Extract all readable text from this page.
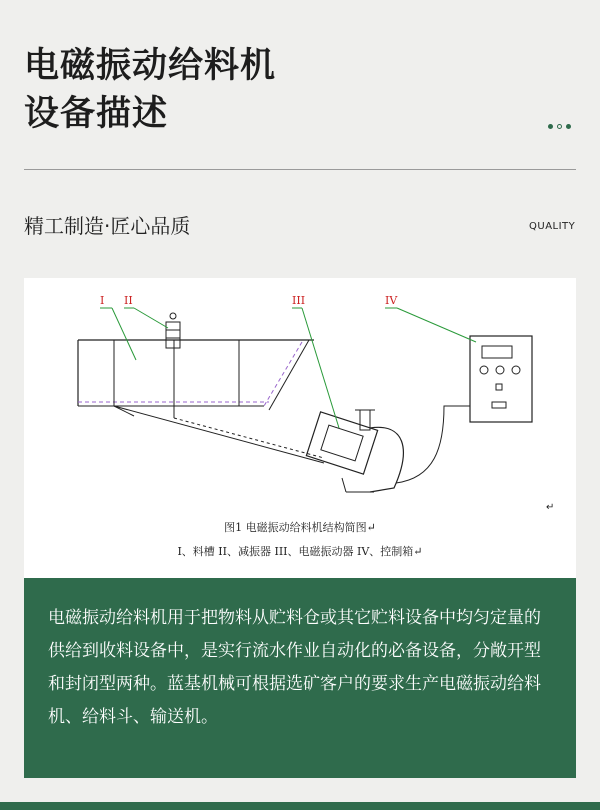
电磁振动给料机
设备描述
精工制造·匠心品质	QUALITY
I II	III	IV
↵
图1 电磁振动给料机结构简图↵
I、料槽 II、减振器 III、电磁振动器 IV、控制箱↵
电磁振动给料机用于把物料从贮料仓或其它贮料设备中均匀定量的供给到收料设备中，是实行流水作业自动化的必备设备，分敞开型和封闭型两种。蓝基机械可根据选矿客户的要求生产电磁振动给料机、给料斗、输送机。
